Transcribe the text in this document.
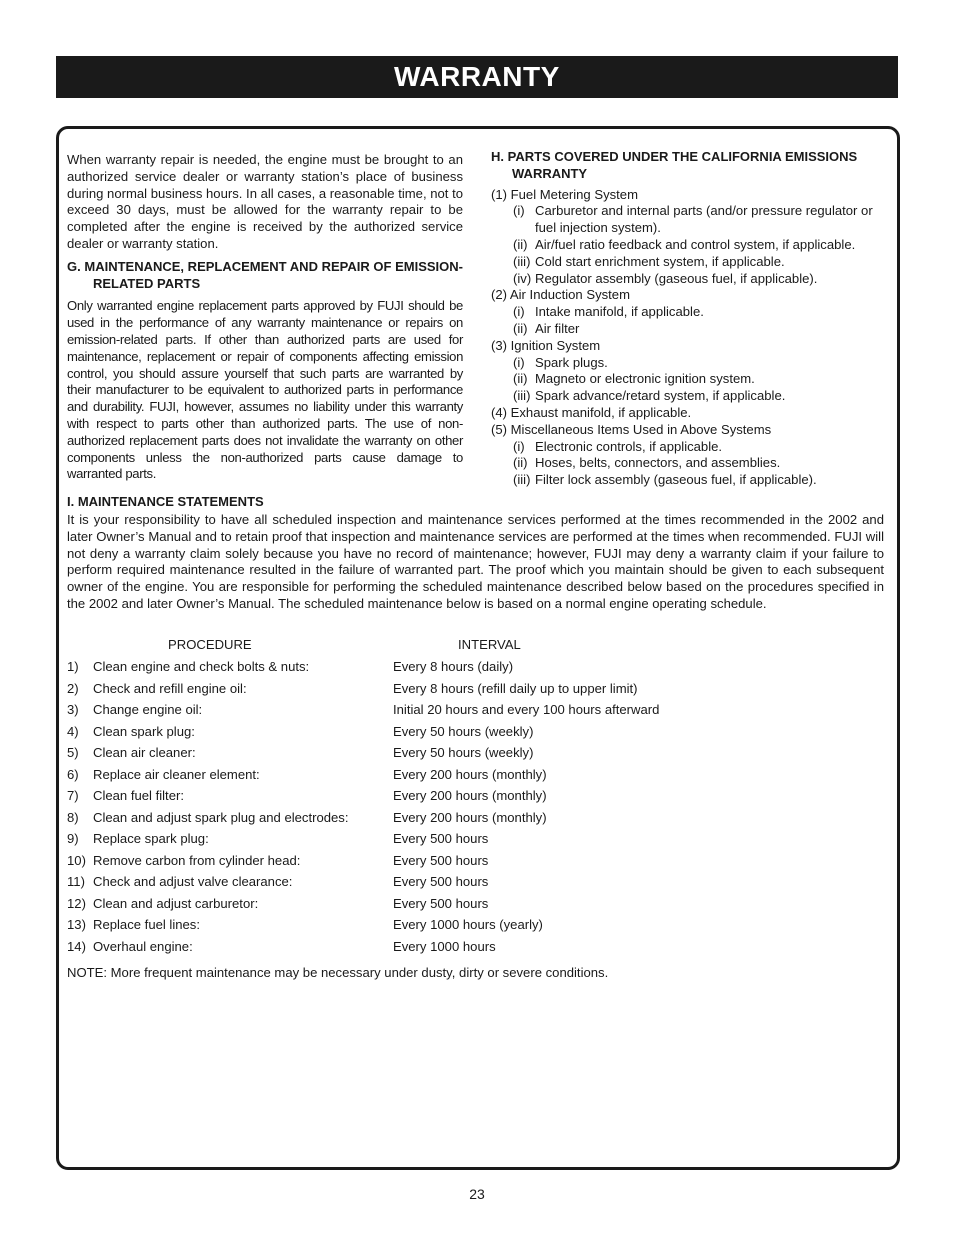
WARRANTY

When warranty repair is needed, the engine must be brought to an authorized service dealer or warranty station’s place of business during normal business hours. In all cases, a reasonable time, not to exceed 30 days, must be allowed for the warranty repair to be completed after the engine is received by the authorized service dealer or warranty station.

G. MAINTENANCE, REPLACEMENT AND REPAIR OF EMISSION-RELATED PARTS

Only warranted engine replacement parts approved by FUJI should be used in the performance of any warranty maintenance or repairs on emission-related parts. If other than authorized parts are used for maintenance, replacement or repair of components affecting emission control, you should assure yourself that such parts are warranted by their manufacturer to be equivalent to authorized parts in performance and durability. FUJI, however, assumes no liability under this warranty with respect to parts other than authorized parts. The use of non-authorized replacement parts does not invalidate the warranty on other components unless the non-authorized parts cause damage to warranted parts.

I. MAINTENANCE STATEMENTS

H. PARTS COVERED UNDER THE CALIFORNIA EMISSIONS WARRANTY

(1) Fuel Metering System
(i) Carburetor and internal parts (and/or pressure regulator or fuel injection system).
(ii) Air/fuel ratio feedback and control system, if applicable.
(iii) Cold start enrichment system, if applicable.
(iv) Regulator assembly (gaseous fuel, if applicable).
(2) Air Induction System
(i) Intake manifold, if applicable.
(ii) Air filter
(3) Ignition System
(i) Spark plugs.
(ii) Magneto or electronic ignition system.
(iii) Spark advance/retard system, if applicable.
(4) Exhaust manifold, if applicable.
(5) Miscellaneous Items Used in Above Systems
(i) Electronic controls, if applicable.
(ii) Hoses, belts, connectors, and assemblies.
(iii) Filter lock assembly (gaseous fuel, if applicable).
It is your responsibility to have all scheduled inspection and maintenance services performed at the times recommended in the 2002 and later Owner’s Manual and to retain proof that inspection and maintenance services are performed at the times when recommended. FUJI will not deny a warranty claim solely because you have no record of maintenance; however, FUJI may deny a warranty claim if your failure to perform required maintenance resulted in the failure of warranted part. The proof which you maintain should be given to each subsequent owner of the engine. You are responsible for performing the scheduled maintenance described below based on the procedures specified in the 2002 and later Owner’s Manual. The scheduled maintenance below is based on a normal engine operating schedule.
PROCEDURE	INTERVAL
1) Clean engine and check bolts & nuts:	Every 8 hours (daily)
2) Check and refill engine oil:	Every 8 hours (refill daily up to upper limit)
3) Change engine oil:	Initial 20 hours and every 100 hours afterward
4) Clean spark plug:	Every 50 hours (weekly)
5) Clean air cleaner:	Every 50 hours (weekly)
6) Replace air cleaner element:	Every 200 hours (monthly)
7) Clean fuel filter:	Every 200 hours (monthly)
8) Clean and adjust spark plug and electrodes:	Every 200 hours (monthly)
9) Replace spark plug:	Every 500 hours
10) Remove carbon from cylinder head:	Every 500 hours
11) Check and adjust valve clearance:	Every 500 hours
12) Clean and adjust carburetor:	Every 500 hours
13) Replace fuel lines:	Every 1000 hours (yearly)
14) Overhaul engine:	Every 1000 hours
NOTE: More frequent maintenance may be necessary under dusty, dirty or severe conditions.
23
